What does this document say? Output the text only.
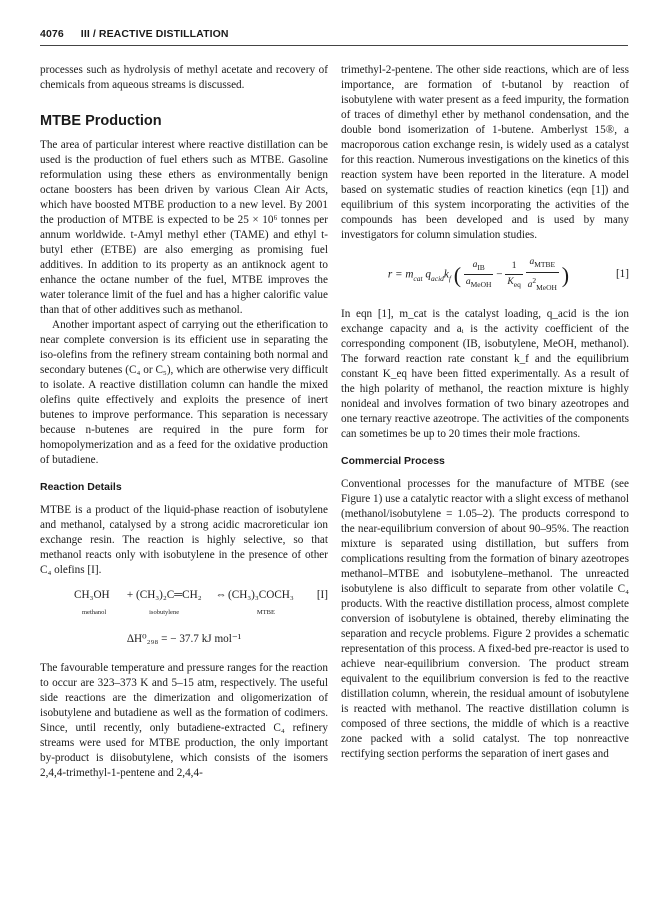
4076 III / REACTIVE DISTILLATION

processes such as hydrolysis of methyl acetate and recovery of chemicals from aqueous streams is discussed.

MTBE Production

The area of particular interest where reactive distillation can be used is the production of fuel ethers such as MTBE. Gasoline reformulation using these ethers as environmentally benign octane boosters has been driven by various Clean Air Acts, which have boosted MTBE production to a new level. By 2001 the production of MTBE is expected to be 25 × 10⁶ tonnes per annum worldwide. t-Amyl methyl ether (TAME) and ethyl t-butyl ether (ETBE) are also emerging as promising fuel additives. In addition to its property as an antiknock agent to enhance the octane number of the fuel, MTBE improves the water tolerance limit of the fuel and has a higher calorific value than that of other additives such as methanol.

Another important aspect of carrying out the etherification to near complete conversion is its efficient use in separating the iso-olefins from the refinery stream containing both normal and secondary butenes (C₄ or C₅), which are otherwise very difficult to isolate. A reactive distillation column can handle the mixed olefins quite effectively and exploits the presence of inert butenes to improve performance. This separation is necessary because n-butenes are required in the pure form for homopolymerization and as a feed for the oxidative production of butadiene.

Reaction Details

MTBE is a product of the liquid-phase reaction of isobutylene and methanol, catalysed by a strong acidic macroreticular ion exchange resin. The reaction is highly selective, so that methanol reacts only with isobutylene in the presence of other C₄ olefins [I].

CH₃OH	+ (CH₃)₂C═CH₂	⇔ (CH₃)₃COCH₃	[I]
methanol	isobutylene	MTBE
ΔH⁰₂₉₈ = − 37.7 kJ mol⁻¹

The favourable temperature and pressure ranges for the reaction to occur are 323–373 K and 5–15 atm, respectively. The useful side reactions are the dimerization and oligomerization of isobutylene and butadiene as well as the formation of codimers. Since, until recently, only butadiene-extracted C₄ refinery streams were used for MTBE production, the only important by-product is diisobutylene, which consists of the isomers 2,4,4-trimethyl-1-pentene and 2,4,4-

trimethyl-2-pentene. The other side reactions, which are of less importance, are formation of t-butanol by reaction of isobutylene with water present as a feed impurity, the formation of traces of dimethyl ether by methanol condensation, and the double bond isomerization of 1-butene. Amberlyst 15®, a macroporous cation exchange resin, is widely used as a catalyst for this reaction. Numerous investigations on the kinetics of this reaction system have been reported in the literature. A model based on systematic studies of reaction kinetics (eqn [1]) and equilibrium of this system incorporating the activities of the compounds has been developed and is used by many investigators for column simulation studies.

$r = m_{cat}$ $q_{acid}k_f$ ( $\frac{a_{IB}}{a_{MeOH}} - \frac{1}{K_{eq}}$
$\frac{a_{MTBE}}{a^2_{MeOH}}$ )	[1]

In eqn [1], m_cat is the catalyst loading, q_acid is the ion exchange capacity and aᵢ is the activity coefficient of the corresponding component (IB, isobutylene, MeOH, methanol). The forward reaction rate constant k_f and the equilibrium constant K_eq have been fitted experimentally. As a result of the high polarity of methanol, the reaction mixture is highly nonideal and involves formation of two binary azeotropes and one ternary reactive azeotrope. The activities of the components can sometimes be up to 20 times their mole fractions.

Commercial Process

Conventional processes for the manufacture of MTBE (see Figure 1) use a catalytic reactor with a slight excess of methanol (methanol/isobutylene = 1.05–2). The products correspond to the near-equilibrium conversion of about 90–95%. The reaction mixture is separated using distillation, but suffers from complications resulting from the formation of binary azeotropes methanol–MTBE and isobutylene–methanol. The unreacted isobutylene is also difficult to separate from other volatile C₄ products. With the reactive distillation process, almost complete conversion of isobutylene is obtained, thereby eliminating the separation and recycle problems. Figure 2 provides a schematic representation of this process. A fixed-bed pre-reactor is used to achieve near-equilibrium conversion. The product stream equivalent to the equilibrium conversion is fed to the reactive distillation column, wherein, the residual amount of isobutylene is reacted with methanol. The reactive distillation column is composed of three sections, the middle of which is a reactive zone packed with a solid catalyst. The top nonreactive rectifying section performs the separation of inert gases and
